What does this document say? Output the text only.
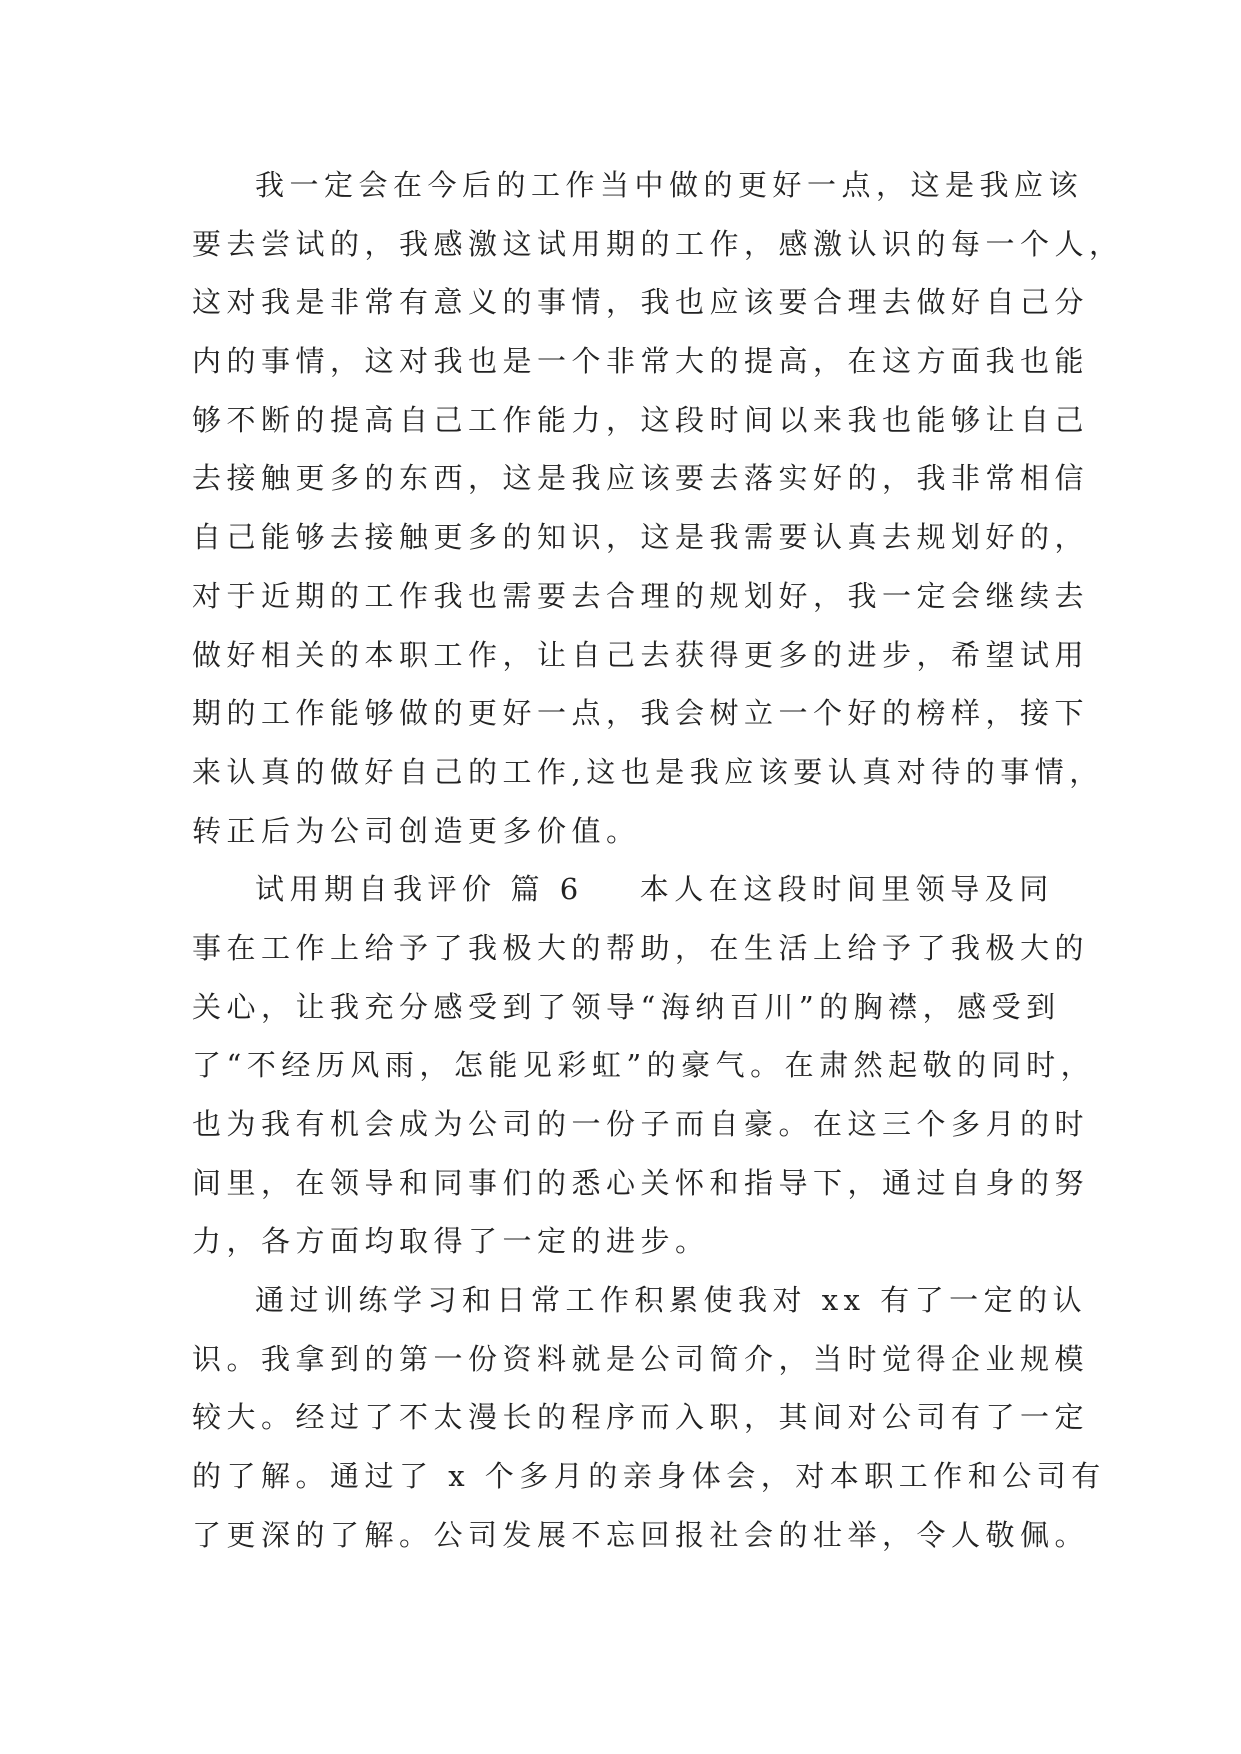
我一定会在今后的工作当中做的更好一点，这是我应该
要去尝试的，我感激这试用期的工作，感激认识的每一个人，
这对我是非常有意义的事情，我也应该要合理去做好自己分
内的事情，这对我也是一个非常大的提高，在这方面我也能
够不断的提高自己工作能力，这段时间以来我也能够让自己
去接触更多的东西，这是我应该要去落实好的，我非常相信
自己能够去接触更多的知识，这是我需要认真去规划好的，
对于近期的工作我也需要去合理的规划好，我一定会继续去
做好相关的本职工作，让自己去获得更多的进步，希望试用
期的工作能够做的更好一点，我会树立一个好的榜样，接下
来认真的做好自己的工作,这也是我应该要认真对待的事情，
转正后为公司创造更多价值。
试用期自我评价 篇 6 本人在这段时间里领导及同
事在工作上给予了我极大的帮助，在生活上给予了我极大的
关心，让我充分感受到了领导“海纳百川”的胸襟，感受到
了“不经历风雨，怎能见彩虹”的豪气。在肃然起敬的同时，
也为我有机会成为公司的一份子而自豪。在这三个多月的时
间里，在领导和同事们的悉心关怀和指导下，通过自身的努
力，各方面均取得了一定的进步。
通过训练学习和日常工作积累使我对 xx 有了一定的认
识。我拿到的第一份资料就是公司简介，当时觉得企业规模
较大。经过了不太漫长的程序而入职，其间对公司有了一定
的了解。通过了 x 个多月的亲身体会，对本职工作和公司有
了更深的了解。公司发展不忘回报社会的壮举，令人敬佩。
